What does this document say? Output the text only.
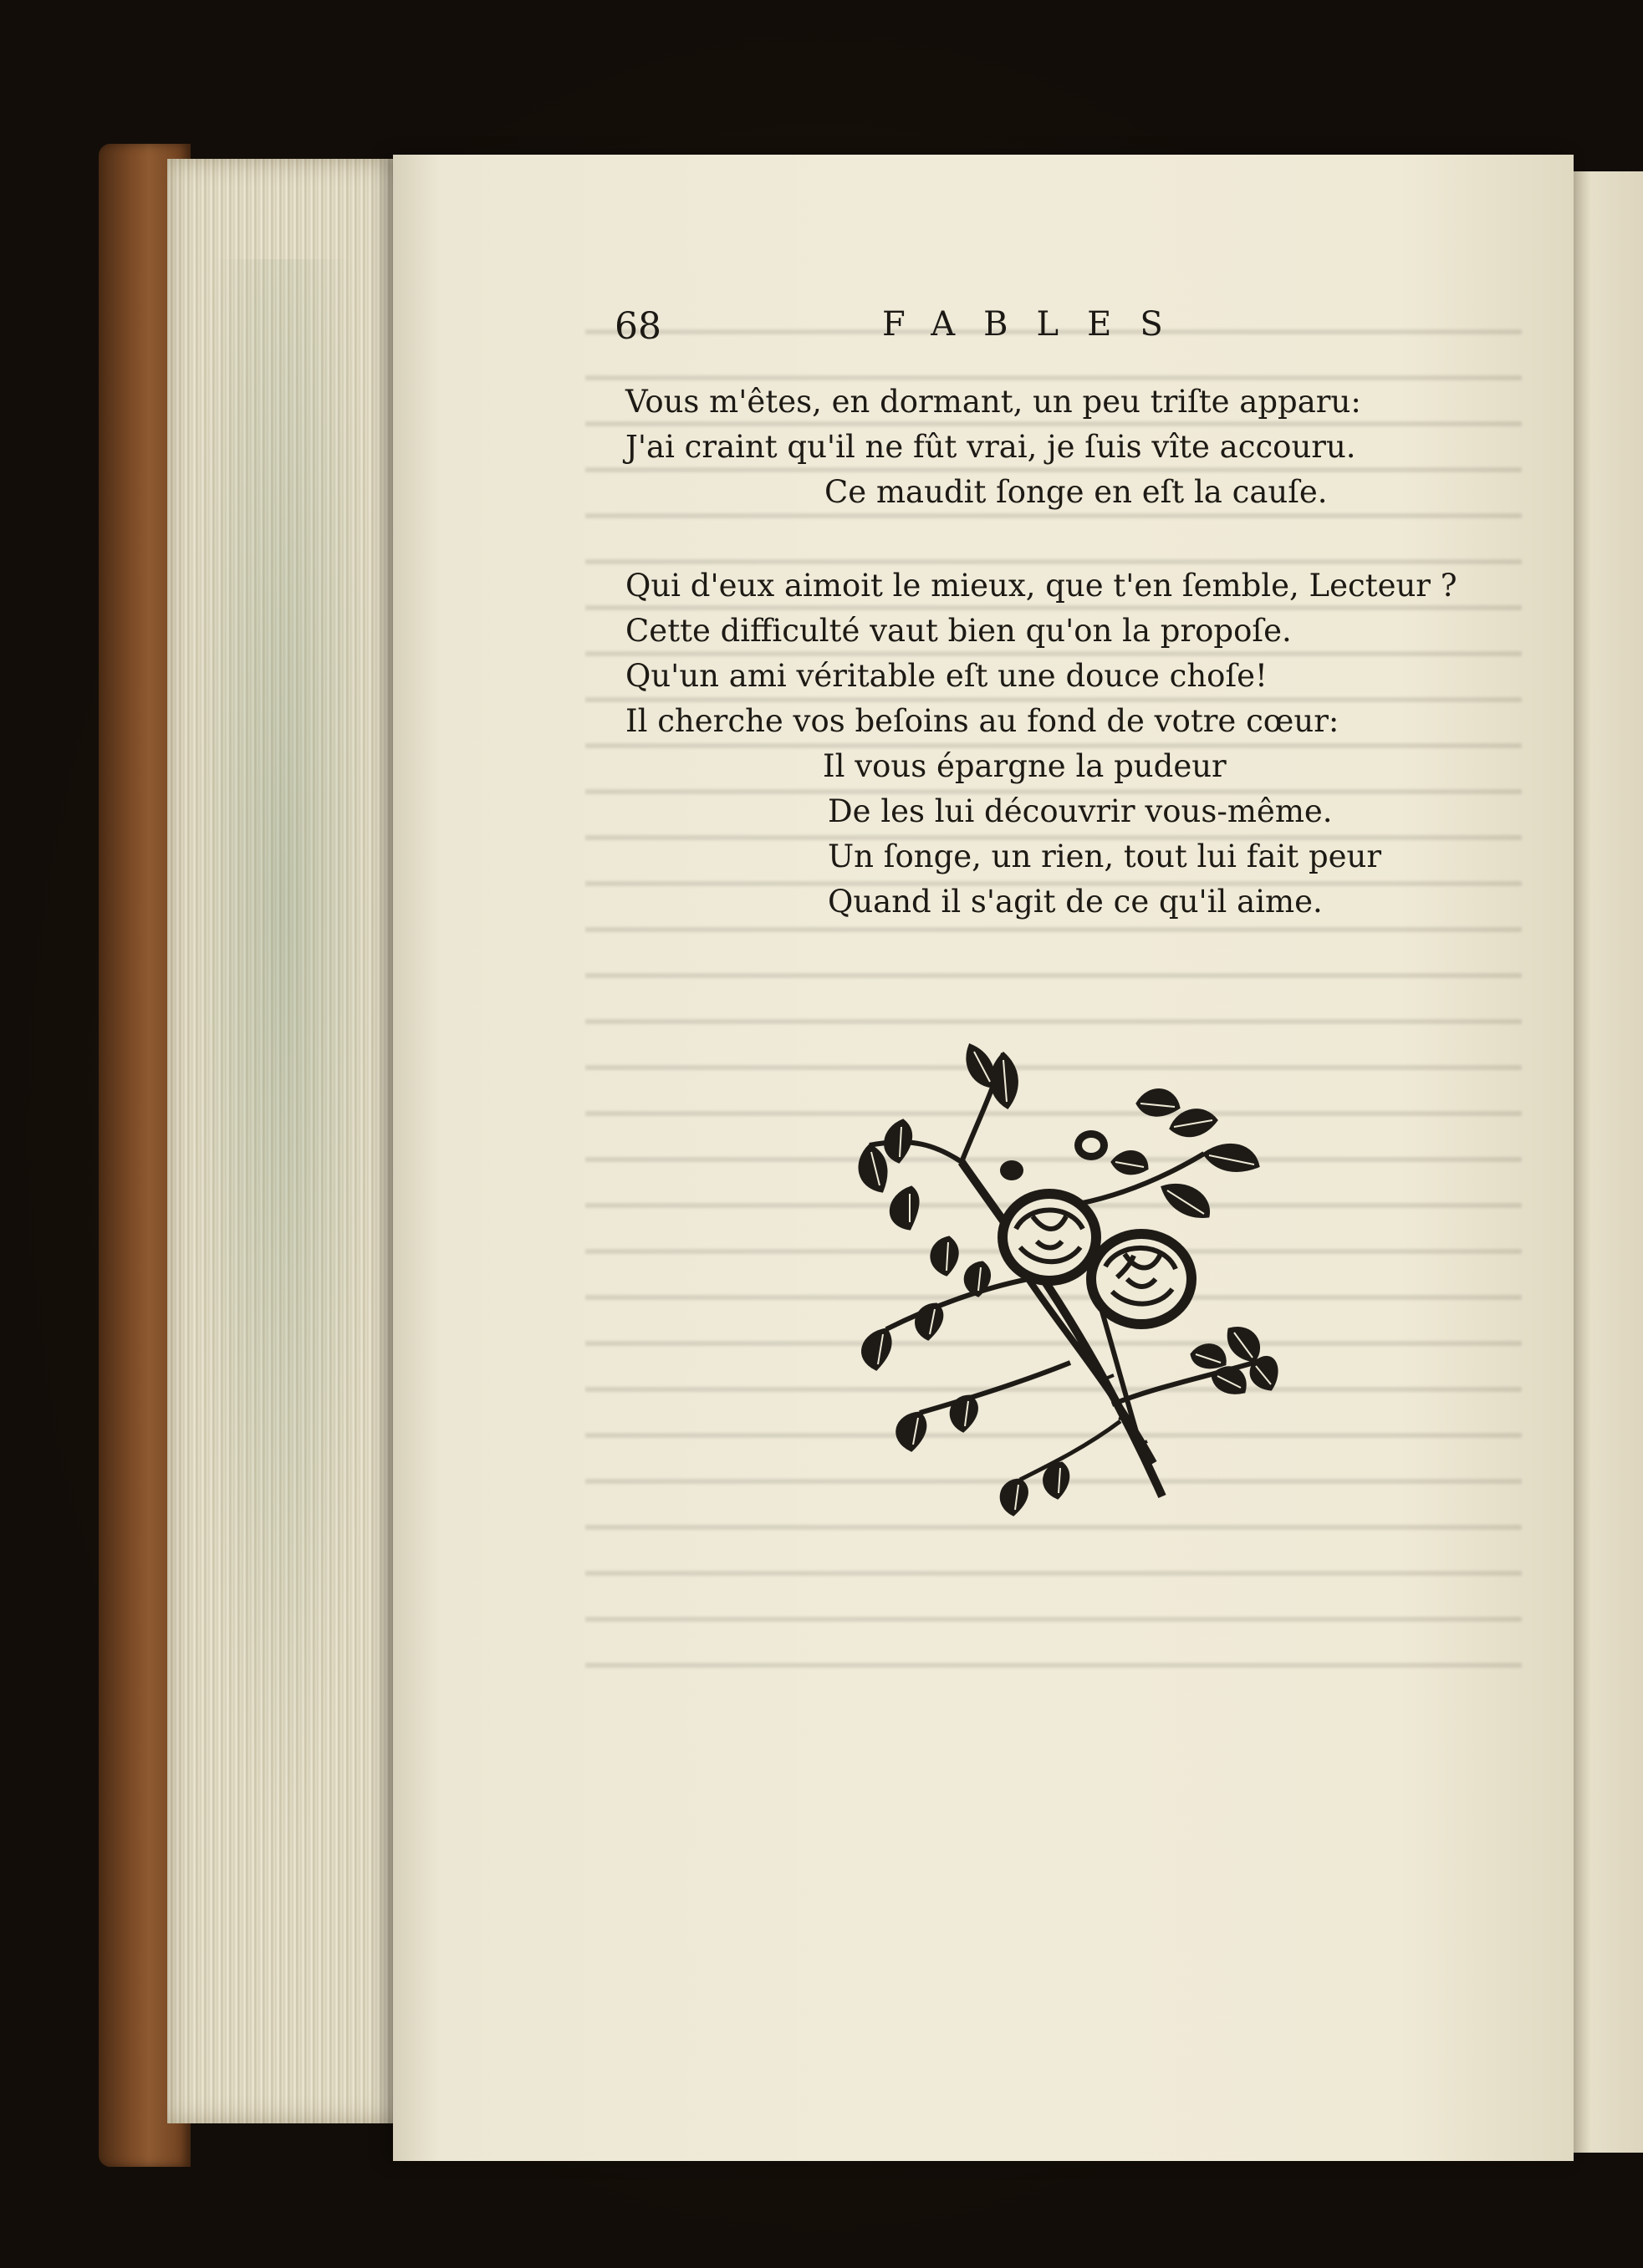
68	FABLES
Vous m'êtes, en dormant, un peu triſte apparu:
J'ai craint qu'il ne fût vrai, je ſuis vîte accouru.
Ce maudit ſonge en eſt la cauſe.
Qui d'eux aimoit le mieux, que t'en ſemble, Lecteur ?
Cette difficulté vaut bien qu'on la propoſe.
Qu'un ami véritable eſt une douce choſe!
Il cherche vos beſoins au fond de votre cœur:
Il vous épargne la pudeur
De les lui découvrir vous-même.
Un ſonge, un rien, tout lui fait peur
Quand il s'agit de ce qu'il aime.
